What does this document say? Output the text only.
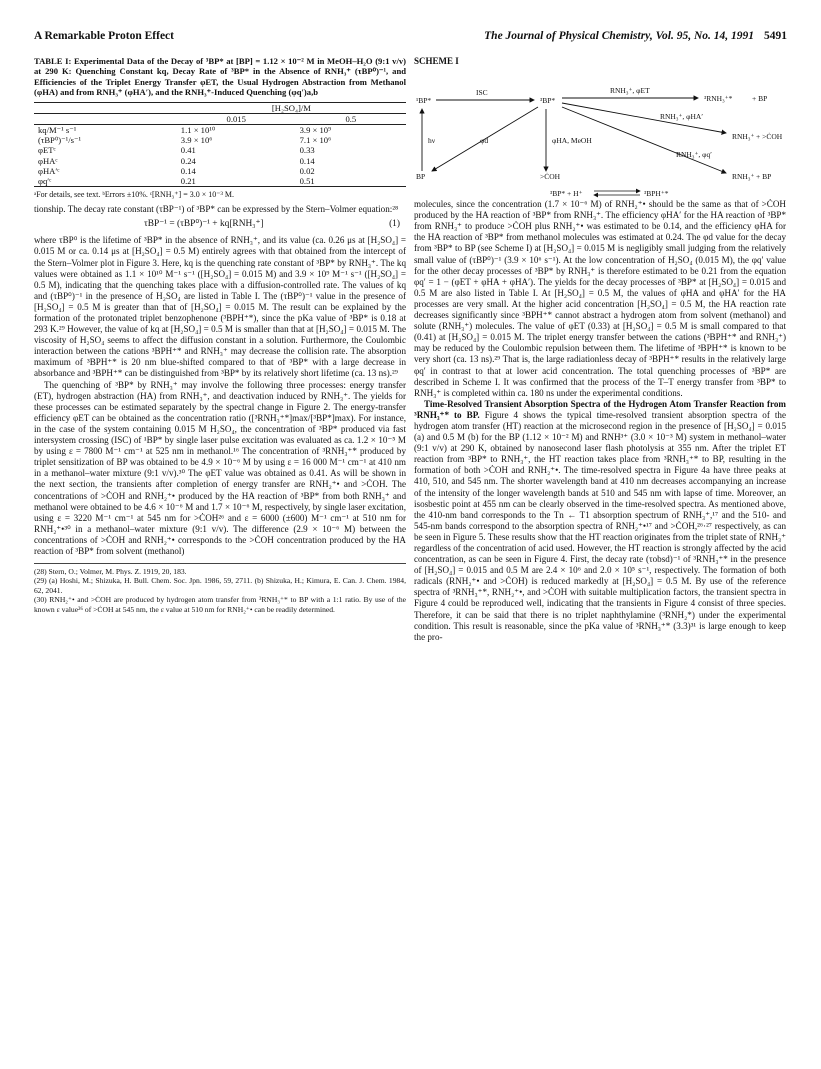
A Remarkable Proton Effect	The Journal of Physical Chemistry, Vol. 95, No. 14, 1991 5491
TABLE I: Experimental Data of the Decay of ³BP* at [BP] = 1.12 × 10⁻² M in MeOH–H₂O (9:1 v/v) at 290 K: Quenching Constant kq, Decay Rate of ³BP* in the Absence of RNH₃⁺ (τBP⁰)⁻¹, and Efficiencies of the Triplet Energy Transfer φET, the Usual Hydrogen Abstraction from Methanol (φHA) and from RNH₃⁺ (φHA′), and the RNH₃⁺-Induced Quenching (φq′)a,b
	[H₂SO₄]/M	
	0.015	0.5
kq/M⁻¹ s⁻¹	1.1 × 10¹⁰	3.9 × 10⁹
(τBP⁰)⁻¹/s⁻¹	3.9 × 10⁶	7.1 × 10⁶
φETᶜ	0.41	0.33
φHAᶜ	0.24	0.14
φHA′ᶜ	0.14	0.02
φq′ᶜ	0.21	0.51
ᵃFor details, see text. ᵇErrors ±10%. ᶜ[RNH₃⁺] = 3.0 × 10⁻³ M.

tionship. The decay rate constant (τBP⁻¹) of ³BP* can be expressed by the Stern–Volmer equation:²⁸

τBP⁻¹ = (τBP⁰)⁻¹ + kq[RNH₃⁺]	(1)

where τBP⁰ is the lifetime of ³BP* in the absence of RNH₃⁺, and its value (ca. 0.26 μs at [H₂SO₄] = 0.015 M or ca. 0.14 μs at [H₂SO₄] = 0.5 M) entirely agrees with that obtained from the intercept of the Stern–Volmer plot in Figure 3. Here, kq is the quenching rate constant of ³BP* by RNH₃⁺. The kq values were obtained as 1.1 × 10¹⁰ M⁻¹ s⁻¹ ([H₂SO₄] = 0.015 M) and 3.9 × 10⁹ M⁻¹ s⁻¹ ([H₂SO₄] = 0.5 M), indicating that the quenching takes place with a diffusion-controlled rate. The values of kq and (τBP⁰)⁻¹ in the presence of H₂SO₄ are listed in Table I. The (τBP⁰)⁻¹ value in the presence of [H₂SO₄] = 0.5 M is greater than that of [H₂SO₄] = 0.015 M. The result can be explained by the formation of the protonated triplet benzophenone (³BPH⁺*), since the pKa value of ³BP* is 0.18 at 293 K.²⁹ However, the value of kq at [H₂SO₄] = 0.5 M is smaller than that at [H₂SO₄] = 0.015 M. The viscosity of H₂SO₄ seems to affect the diffusion constant in a solution. Furthermore, the Coulombic interaction between the cations ³BPH⁺* and RNH₃⁺ may decrease the collision rate. The absorption maximum of ³BPH⁺* is 20 nm blue-shifted compared to that of ³BP* with a large decrease in absorbance and ³BPH⁺* can be distinguished from ³BP* by its relatively short lifetime (ca. 13 ns).²⁹

The quenching of ³BP* by RNH₃⁺ may involve the following three processes: energy transfer (ET), hydrogen abstraction (HA) from RNH₃⁺, and deactivation induced by RNH₃⁺. The yields for these processes can be estimated separately by the spectral change in Figure 2. The energy-transfer efficiency φET can be obtained as the concentration ratio ([³RNH₃⁺*]max/[³BP*]max). For instance, in the case of the system containing 0.015 M H₂SO₄, the concentration of ³BP* produced via fast intersystem crossing (ISC) of ¹BP* by single laser pulse excitation was evaluated as ca. 1.2 × 10⁻⁵ M by using ε = 7800 M⁻¹ cm⁻¹ at 525 nm in methanol.¹⁶ The concentration of ³RNH₃⁺* produced by triplet sensitization of BP was obtained to be 4.9 × 10⁻⁶ M by using ε = 16 000 M⁻¹ cm⁻¹ at 410 nm in a methanol–water mixture (9:1 v/v).³⁰ The φET value was obtained as 0.41. As will be shown in the next section, the transients after completion of energy transfer are RNH₂⁺• and >ĊOH. The concentrations of >ĊOH and RNH₂⁺• produced by the HA reaction of ³BP* from both RNH₃⁺ and methanol were obtained to be 4.6 × 10⁻⁶ M and 1.7 × 10⁻⁶ M, respectively, by single laser excitation, using ε = 3220 M⁻¹ cm⁻¹ at 545 nm for >ĊOH²⁶ and ε = 6000 (±600) M⁻¹ cm⁻¹ at 510 nm for RNH₂⁺•³⁰ in a methanol–water mixture (9:1 v/v). The difference (2.9 × 10⁻⁶ M) between the concentrations of >ĊOH and RNH₂⁺• corresponds to the >ĊOH concentration produced by the HA reaction of ³BP* from solvent (methanol)

(28) Stern, O.; Volmer, M. Phys. Z. 1919, 20, 183.
(29) (a) Hoshi, M.; Shizuka, H. Bull. Chem. Soc. Jpn. 1986, 59, 2711. (b) Shizuka, H.; Kimura, E. Can. J. Chem. 1984, 62, 2041.
(30) RNH₂⁺• and >ĊOH are produced by hydrogen atom transfer from ³RNH₃⁺* to BP with a 1:1 ratio. By use of the known ε value²⁶ of >ĊOH at 545 nm, the ε value at 510 nm for RNH₂⁺• can be readily determined.
SCHEME I
¹BP*	³BP*	³RNH₃⁺*	+ BP
RNH₃⁺ + >ĊOH
BP	>ĊOH	RNH₃⁺ + BP
³BP* + H⁺	³BPH⁺*
ISC	RNH₃⁺, φET
RNH₃⁺, φHA′
RNH₃⁺, φq′
hν	φd	φHA, MeOH

molecules, since the concentration (1.7 × 10⁻⁶ M) of RNH₂⁺• should be the same as that of >ĊOH produced by the HA reaction of ³BP* from RNH₃⁺. The efficiency φHA′ for the HA reaction of ³BP* from RNH₃⁺ to produce >ĊOH plus RNH₂⁺• was estimated to be 0.14, and the efficiency φHA for the HA reaction of ³BP* from methanol molecules was estimated at 0.24. The φd value for the decay from ³BP* to BP (see Scheme I) at [H₂SO₄] = 0.015 M is negligibly small judging from the relatively small value of (τBP⁰)⁻¹ (3.9 × 10⁶ s⁻¹). At the low concentration of H₂SO₄ (0.015 M), the φq′ value for the other decay processes of ³BP* by RNH₃⁺ is therefore estimated to be 0.21 from the equation φq′ = 1 − (φET + φHA + φHA′). The yields for the decay processes of ³BP* at [H₂SO₄] = 0.015 and 0.5 M are also listed in Table I. At [H₂SO₄] = 0.5 M, the values of φHA and φHA′ for the HA processes are very small. At the higher acid concentration [H₂SO₄] = 0.5 M, the HA reaction rate decreases significantly since ³BPH⁺* cannot abstract a hydrogen atom from solvent (methanol) and solute (RNH₃⁺) molecules. The value of φET (0.33) at [H₂SO₄] = 0.5 M is small compared to that (0.41) at [H₂SO₄] = 0.015 M. The triplet energy transfer between the cations (³BPH⁺* and RNH₃⁺) may be reduced by the Coulombic repulsion between them. The lifetime of ³BPH⁺* is known to be very short (ca. 13 ns).²⁹ That is, the large radiationless decay of ³BPH⁺* results in the relatively large φq′ in contrast to that at lower acid concentration. The total quenching processes of ³BP* are described in Scheme I. It was confirmed that the process of the T–T energy transfer from ³BP* to RNH₃⁺ is completed within ca. 180 ns under the experimental conditions.

Time-Resolved Transient Absorption Spectra of the Hydrogen Atom Transfer Reaction from ³RNH₃⁺* to BP. Figure 4 shows the typical time-resolved transient absorption spectra of the hydrogen atom transfer (HT) reaction at the microsecond region in the presence of [H₂SO₄] = 0.015 (a) and 0.5 M (b) for the BP (1.12 × 10⁻² M) and RNH³⁺ (3.0 × 10⁻³ M) system in methanol–water (9:1 v/v) at 290 K, obtained by nanosecond laser flash photolysis at 355 nm. After the triplet ET reaction from ³BP* to RNH₃⁺, the HT reaction takes place from ³RNH₃⁺* to BP, resulting in the formation of both >ĊOH and RNH₂⁺•. The time-resolved spectra in Figure 4a have three peaks at 410, 510, and 545 nm. The shorter wavelength band at 410 nm decreases accompanying an increase of the intensity of the longer wavelength bands at 510 and 545 nm with lapse of time. Moreover, an isosbestic point at 455 nm can be clearly observed in the time-resolved spectra. As mentioned above, the 410-nm band corresponds to the Tn ← T1 absorption spectrum of RNH₃⁺,¹⁷ and the 510- and 545-nm bands correspond to the absorption spectra of RNH₂⁺•¹⁷ and >ĊOH,²⁶·²⁷ respectively, as can be seen in Figure 5. These results show that the HT reaction originates from the triplet state of RNH₃⁺ regardless of the concentration of acid used. However, the HT reaction is strongly affected by the acid concentration, as can be seen in Figure 4. First, the decay rate (τobsd)⁻¹ of ³RNH₃⁺* in the presence of [H₂SO₄] = 0.015 and 0.5 M are 2.4 × 10⁶ and 2.0 × 10⁵ s⁻¹, respectively. The formation of both radicals (RNH₂⁺• and >ĊOH) is reduced markedly at [H₂SO₄] = 0.5 M. By use of the reference spectra of ³RNH₃⁺*, RNH₂⁺•, and >ĊOH with suitable multiplication factors, the transient spectra in Figure 4 could be reproduced well, indicating that the transients in Figure 4 consist of three species. Therefore, it can be said that there is no triplet naphthylamine (³RNH₂*) under the experimental condition. This result is reasonable, since the pKa value of ³RNH₃⁺* (3.3)³¹ is large enough to keep the pro-
